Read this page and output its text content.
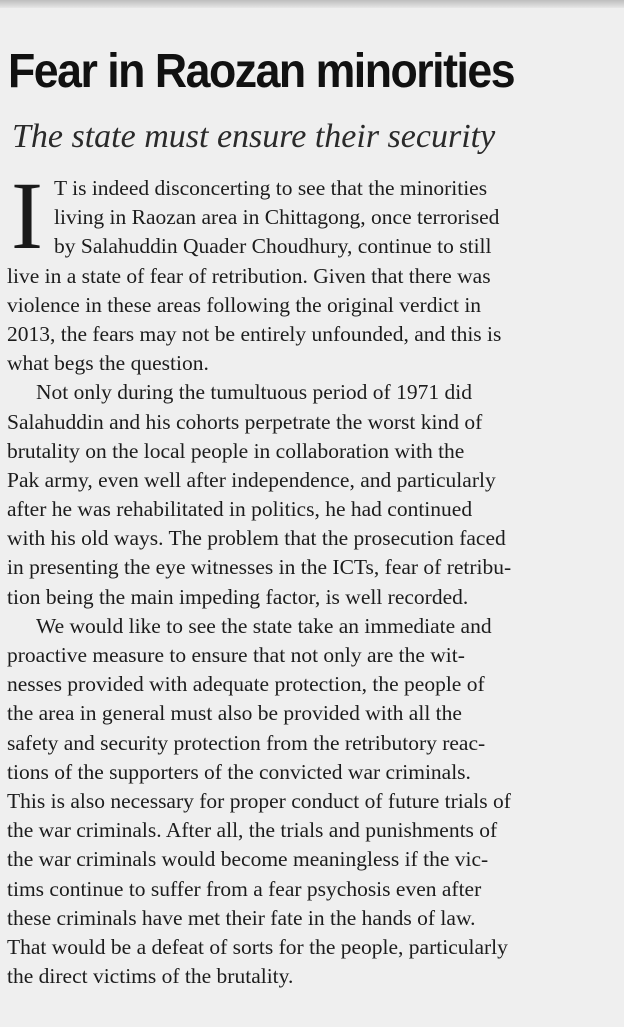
Fear in Raozan minorities
The state must ensure their security
I T is indeed disconcerting to see that the minorities
living in Raozan area in Chittagong, once terrorised
by Salahuddin Quader Choudhury, continue to still
live in a state of fear of retribution. Given that there was
violence in these areas following the original verdict in
2013, the fears may not be entirely unfounded, and this is
what begs the question.
Not only during the tumultuous period of 1971 did
Salahuddin and his cohorts perpetrate the worst kind of
brutality on the local people in collaboration with the
Pak army, even well after independence, and particularly
after he was rehabilitated in politics, he had continued
with his old ways. The problem that the prosecution faced
in presenting the eye witnesses in the ICTs, fear of retribu-
tion being the main impeding factor, is well recorded.
We would like to see the state take an immediate and
proactive measure to ensure that not only are the wit-
nesses provided with adequate protection, the people of
the area in general must also be provided with all the
safety and security protection from the retributory reac-
tions of the supporters of the convicted war criminals.
This is also necessary for proper conduct of future trials of
the war criminals. After all, the trials and punishments of
the war criminals would become meaningless if the vic-
tims continue to suffer from a fear psychosis even after
these criminals have met their fate in the hands of law.
That would be a defeat of sorts for the people, particularly
the direct victims of the brutality.
